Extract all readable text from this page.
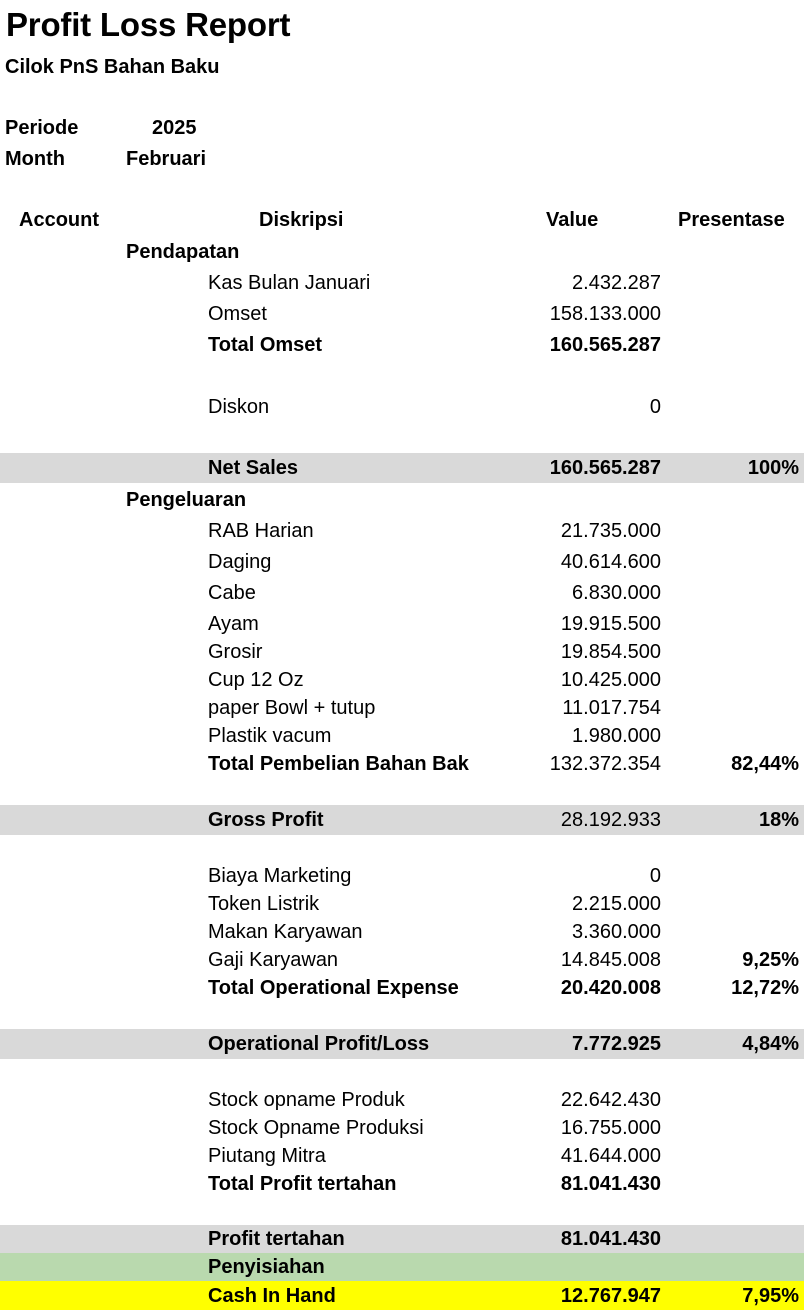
Profit Loss Report
Cilok PnS Bahan Baku
Periode	2025
Month	Februari
Account	Diskripsi	Value	Presentase
Pendapatan
Kas Bulan Januari	2.432.287
Omset	158.133.000
Total Omset	160.565.287
Diskon	0
Net Sales	160.565.287	100%
Pengeluaran
RAB Harian	21.735.000
Daging	40.614.600
Cabe	6.830.000
Ayam	19.915.500
Grosir	19.854.500
Cup 12 Oz	10.425.000
paper Bowl + tutup	11.017.754
Plastik vacum	1.980.000
Total Pembelian Bahan Bak	132.372.354	82,44%
Gross Profit	28.192.933	18%
Biaya Marketing	0
Token Listrik	2.215.000
Makan Karyawan	3.360.000
Gaji Karyawan	14.845.008	9,25%
Total Operational Expense	20.420.008	12,72%
Operational Profit/Loss	7.772.925	4,84%
Stock opname Produk	22.642.430
Stock Opname Produksi	16.755.000
Piutang Mitra	41.644.000
Total Profit tertahan	81.041.430
Profit tertahan	81.041.430
Penyisiahan
Cash In Hand	12.767.947	7,95%
